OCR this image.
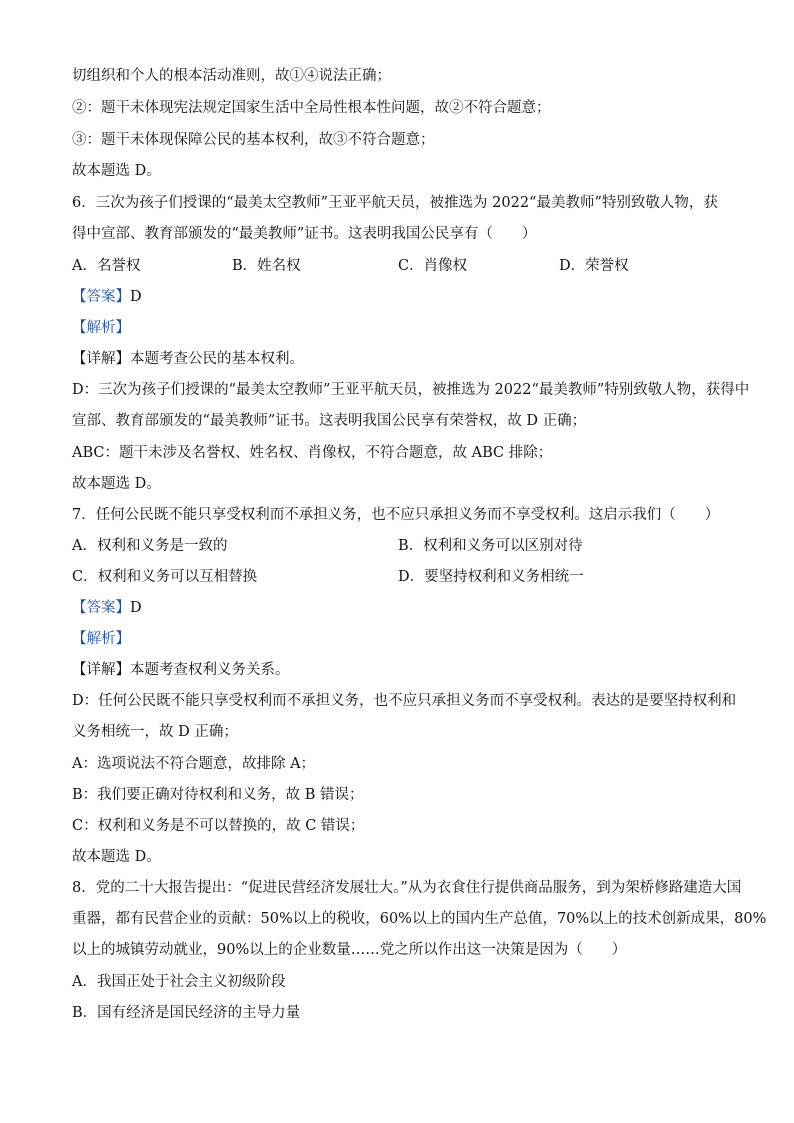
切组织和个人的根本活动准则，故①④说法正确；
②：题干未体现宪法规定国家生活中全局性根本性问题，故②不符合题意；
③：题干未体现保障公民的基本权利，故③不符合题意；
故本题选 D。
6．三次为孩子们授课的“最美太空教师”王亚平航天员，被推选为 2022“最美教师”特别致敬人物，获
得中宣部、教育部颁发的“最美教师”证书。这表明我国公民享有（　　）
A．名誉权	B．姓名权	C．肖像权	D．荣誉权
【答案】D
【解析】
【详解】本题考查公民的基本权利。
D：三次为孩子们授课的“最美太空教师”王亚平航天员，被推选为 2022“最美教师”特别致敬人物，获得中
宣部、教育部颁发的“最美教师”证书。这表明我国公民享有荣誉权，故 D 正确；
ABC：题干未涉及名誉权、姓名权、肖像权，不符合题意，故 ABC 排除；
故本题选 D。
7．任何公民既不能只享受权利而不承担义务，也不应只承担义务而不享受权利。这启示我们（　　）
A．权利和义务是一致的	B．权利和义务可以区别对待
C．权利和义务可以互相替换	D．要坚持权利和义务相统一
【答案】D
【解析】
【详解】本题考查权利义务关系。
D：任何公民既不能只享受权利而不承担义务，也不应只承担义务而不享受权利。表达的是要坚持权利和
义务相统一，故 D 正确；
A：选项说法不符合题意，故排除 A；
B：我们要正确对待权利和义务，故 B 错误；
C：权利和义务是不可以替换的，故 C 错误；
故本题选 D。
8．党的二十大报告提出：“促进民营经济发展壮大。”从为衣食住行提供商品服务，到为架桥修路建造大国
重器，都有民营企业的贡献：50%以上的税收，60%以上的国内生产总值，70%以上的技术创新成果，80%
以上的城镇劳动就业，90%以上的企业数量……党之所以作出这一决策是因为（　　）
A．我国正处于社会主义初级阶段
B．国有经济是国民经济的主导力量
